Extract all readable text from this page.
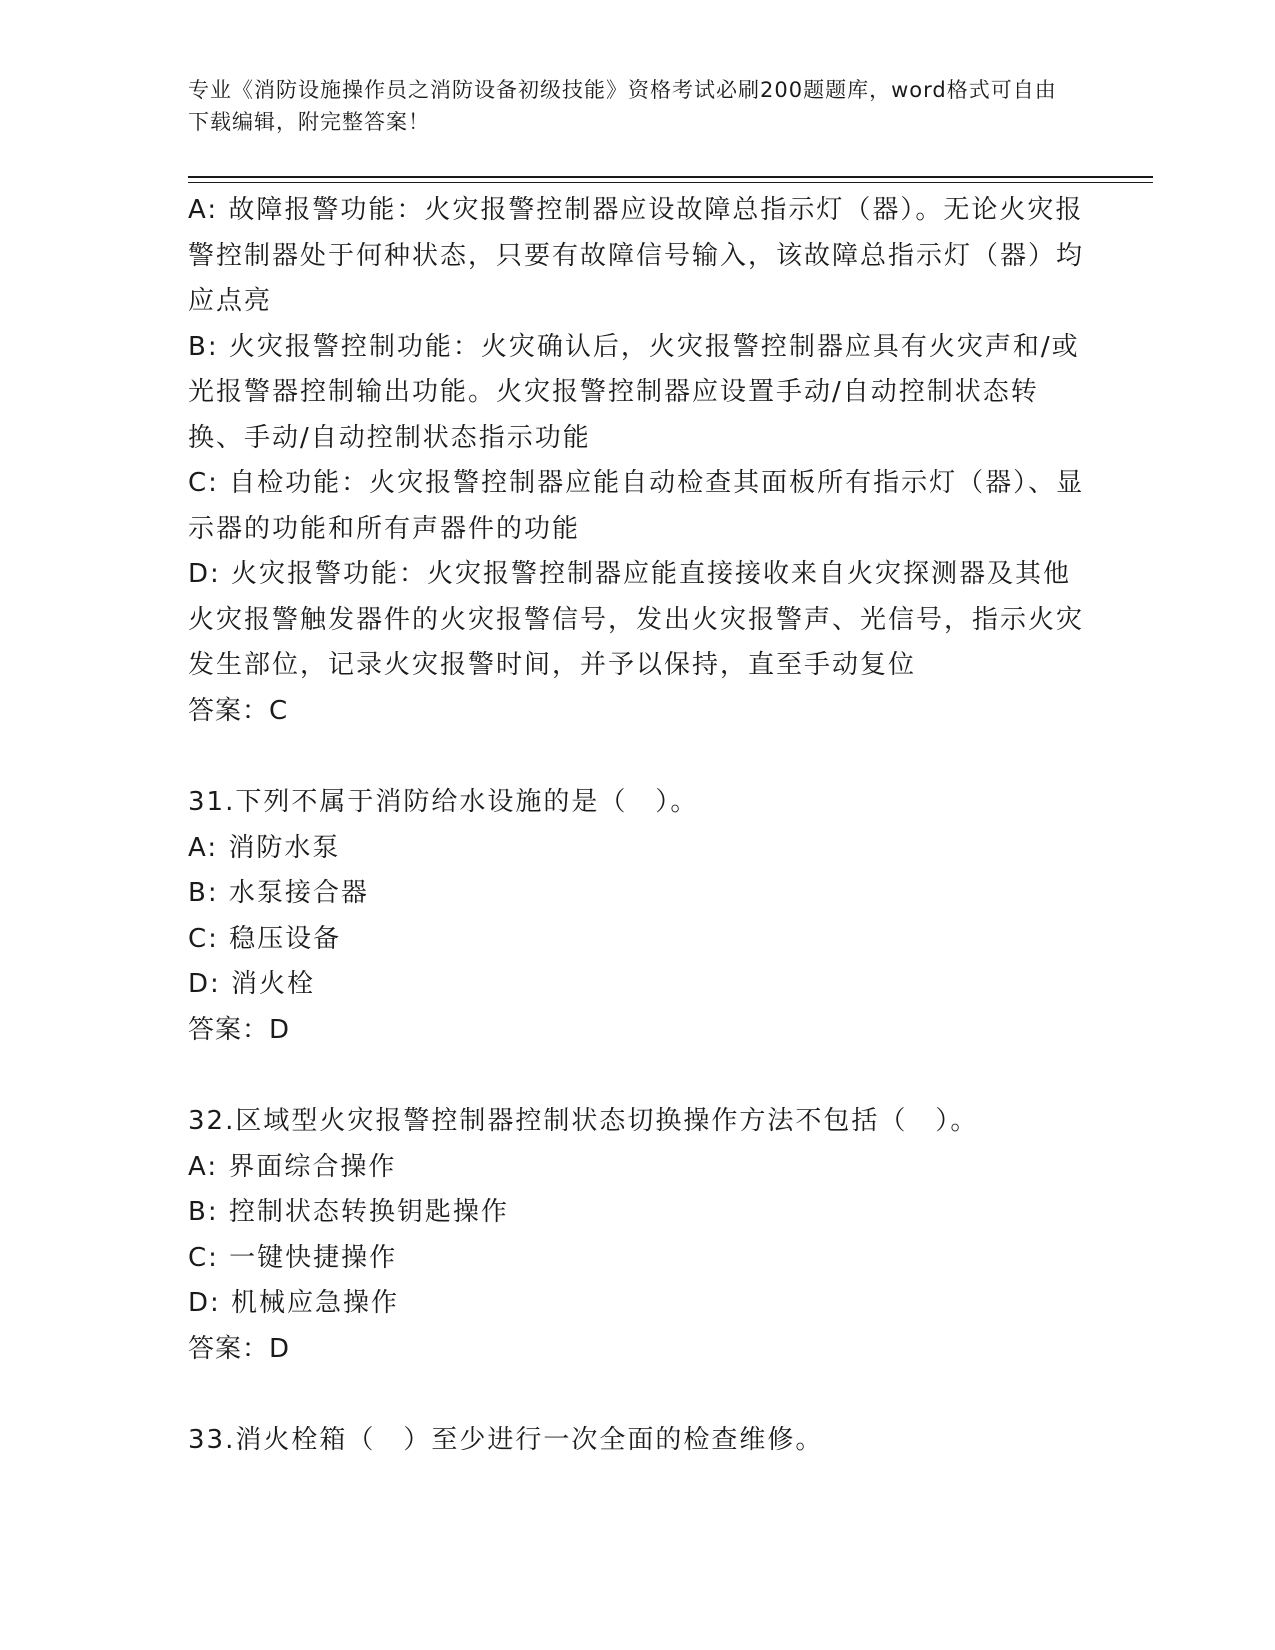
专业《消防设施操作员之消防设备初级技能》资格考试必刷200题题库，word格式可自由下载编辑，附完整答案！

A: 故障报警功能：火灾报警控制器应设故障总指示灯（器）。无论火灾报警控制器处于何种状态，只要有故障信号输入，该故障总指示灯（器）均应点亮

B: 火灾报警控制功能：火灾确认后，火灾报警控制器应具有火灾声和/或光报警器控制输出功能。火灾报警控制器应设置手动/自动控制状态转换、手动/自动控制状态指示功能

C: 自检功能：火灾报警控制器应能自动检查其面板所有指示灯（器）、显示器的功能和所有声器件的功能

D: 火灾报警功能：火灾报警控制器应能直接接收来自火灾探测器及其他火灾报警触发器件的火灾报警信号，发出火灾报警声、光信号，指示火灾发生部位，记录火灾报警时间，并予以保持，直至手动复位

答案：C

31.下列不属于消防给水设施的是（　）。

A: 消防水泵

B: 水泵接合器

C: 稳压设备

D: 消火栓

答案：D

32.区域型火灾报警控制器控制状态切换操作方法不包括（　）。

A: 界面综合操作

B: 控制状态转换钥匙操作

C: 一键快捷操作

D: 机械应急操作

答案：D

33.消火栓箱（　）至少进行一次全面的检查维修。
